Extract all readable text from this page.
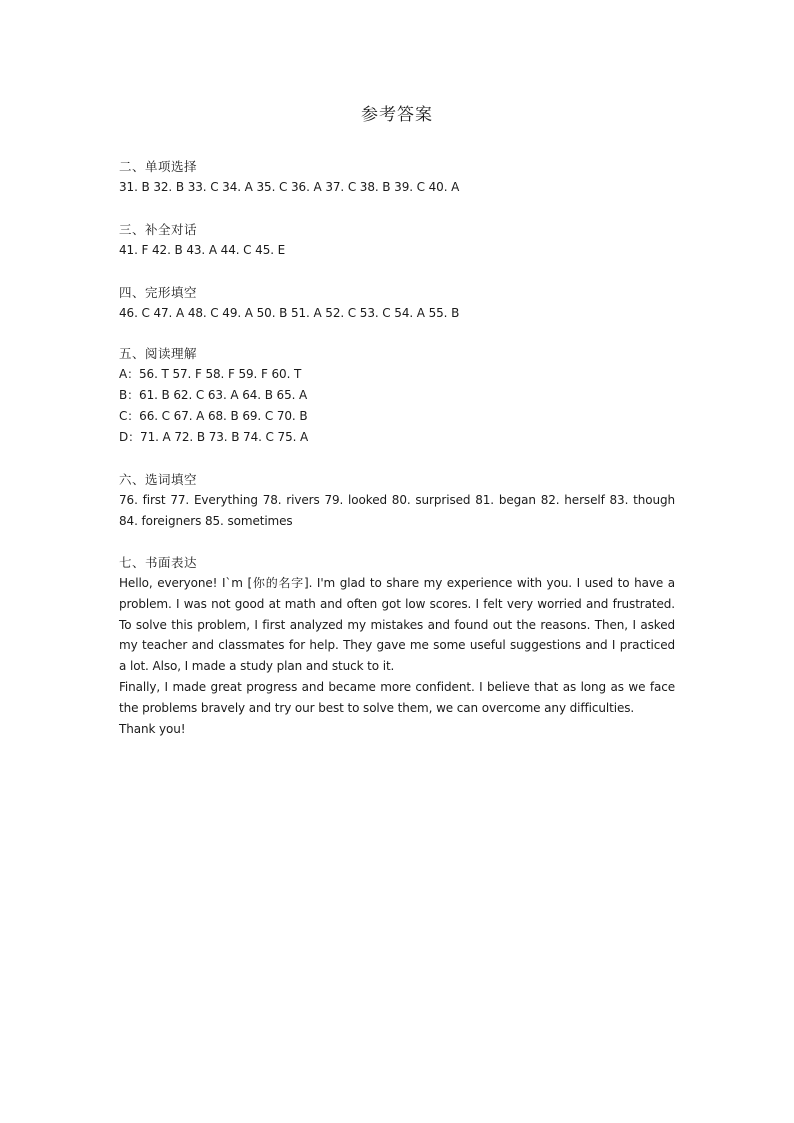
参考答案
二、单项选择
31. B 32. B 33. C 34. A 35. C 36. A 37. C 38. B 39. C 40. A
三、补全对话
41. F 42. B 43. A 44. C 45. E
四、完形填空
46. C 47. A 48. C 49. A 50. B 51. A 52. C 53. C 54. A 55. B
五、阅读理解
A：56. T 57. F 58. F 59. F 60. T
B：61. B 62. C 63. A 64. B 65. A
C：66. C 67. A 68. B 69. C 70. B
D：71. A 72. B 73. B 74. C 75. A
六、选词填空
76. first 77. Everything 78. rivers 79. looked 80. surprised 81. began 82. herself 83. though 84. foreigners 85. sometimes
七、书面表达
Hello, everyone! I`m [你的名字]. I'm glad to share my experience with you. I used to have a problem. I was not good at math and often got low scores. I felt very worried and frustrated. To solve this problem, I first analyzed my mistakes and found out the reasons. Then, I asked my teacher and classmates for help. They gave me some useful suggestions and I practiced a lot. Also, I made a study plan and stuck to it.
Finally, I made great progress and became more confident. I believe that as long as we face the problems bravely and try our best to solve them, we can overcome any difficulties.
Thank you!
